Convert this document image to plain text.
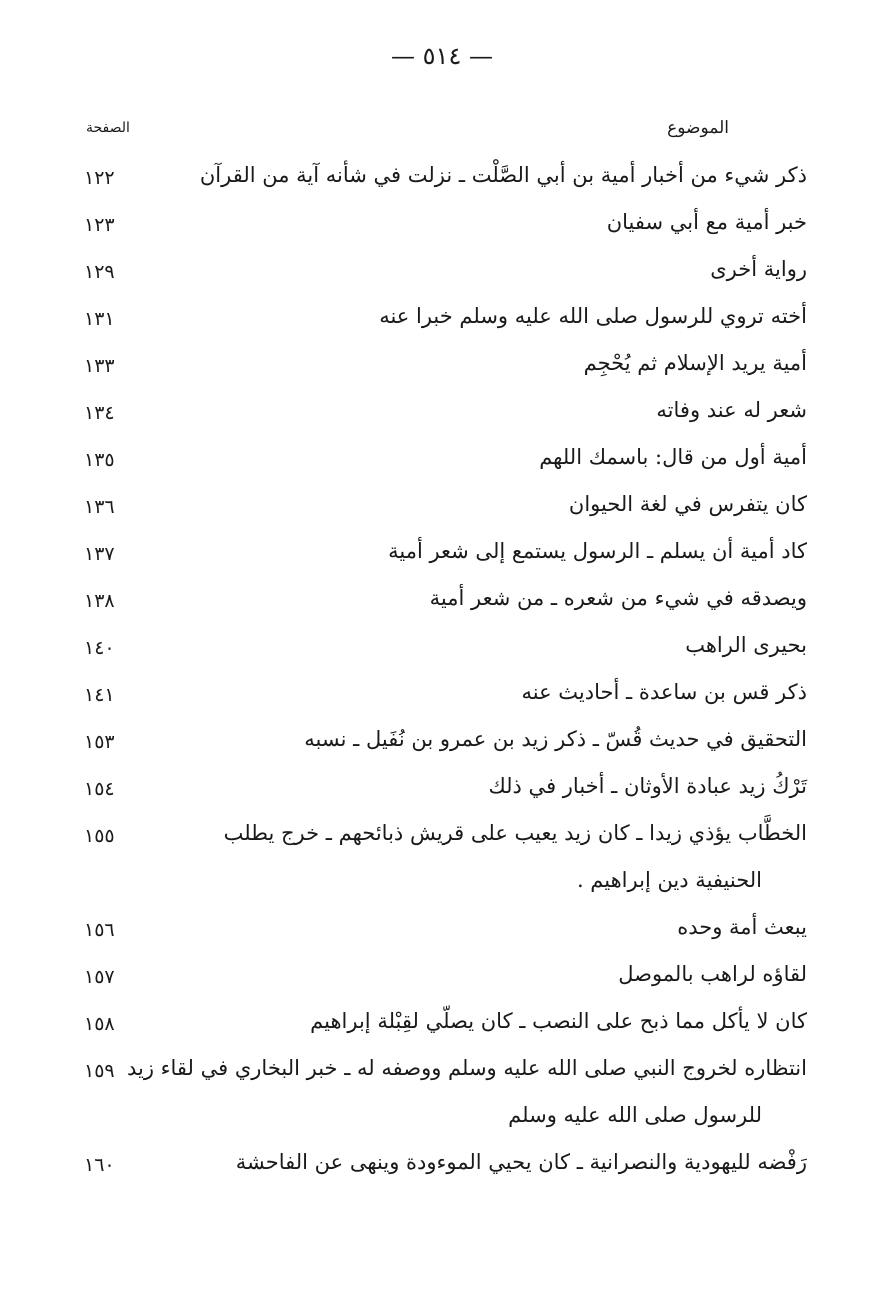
— ٥١٤ —
الموضوع
الصفحة
ذكر شيء من أخبار أمية بن أبي الصَّلْت ـ نزلت في شأنه آية من القرآن
١٢٢
خبر أمية مع أبي سفيان
١٢٣
رواية أخرى
١٢٩
أخته تروي للرسول صلى الله عليه وسلم خبرا عنه
١٣١
أمية يريد الإسلام ثم يُحْجِم
١٣٣
شعر له عند وفاته
١٣٤
أمية أول من قال: باسمك اللهم
١٣٥
كان يتفرس في لغة الحيوان
١٣٦
كاد أمية أن يسلم ـ الرسول يستمع إلى شعر أمية
١٣٧
ويصدقه في شيء من شعره ـ من شعر أمية
١٣٨
بحيرى الراهب
١٤٠
ذكر قس بن ساعدة ـ أحاديث عنه
١٤١
التحقيق في حديث قُسّ ـ ذكر زيد بن عمرو بن نُفَيل ـ نسبه
١٥٣
تَرْكُ زيد عبادة الأوثان ـ أخبار في ذلك
١٥٤
الخطَّاب يؤذي زيدا ـ كان زيد يعيب على قريش ذبائحهم ـ خرج يطلب
١٥٥
الحنيفية دين إبراهيم .
يبعث أمة وحده
١٥٦
لقاؤه لراهب بالموصل
١٥٧
كان لا يأكل مما ذبح على النصب ـ كان يصلّي لقِبْلة إبراهيم
١٥٨
انتظاره لخروج النبي صلى الله عليه وسلم ووصفه له ـ خبر البخاري في لقاء زيد
١٥٩
للرسول صلى الله عليه وسلم
رَفْضه لليهودية والنصرانية ـ كان يحيي الموءودة وينهى عن الفاحشة
١٦٠
